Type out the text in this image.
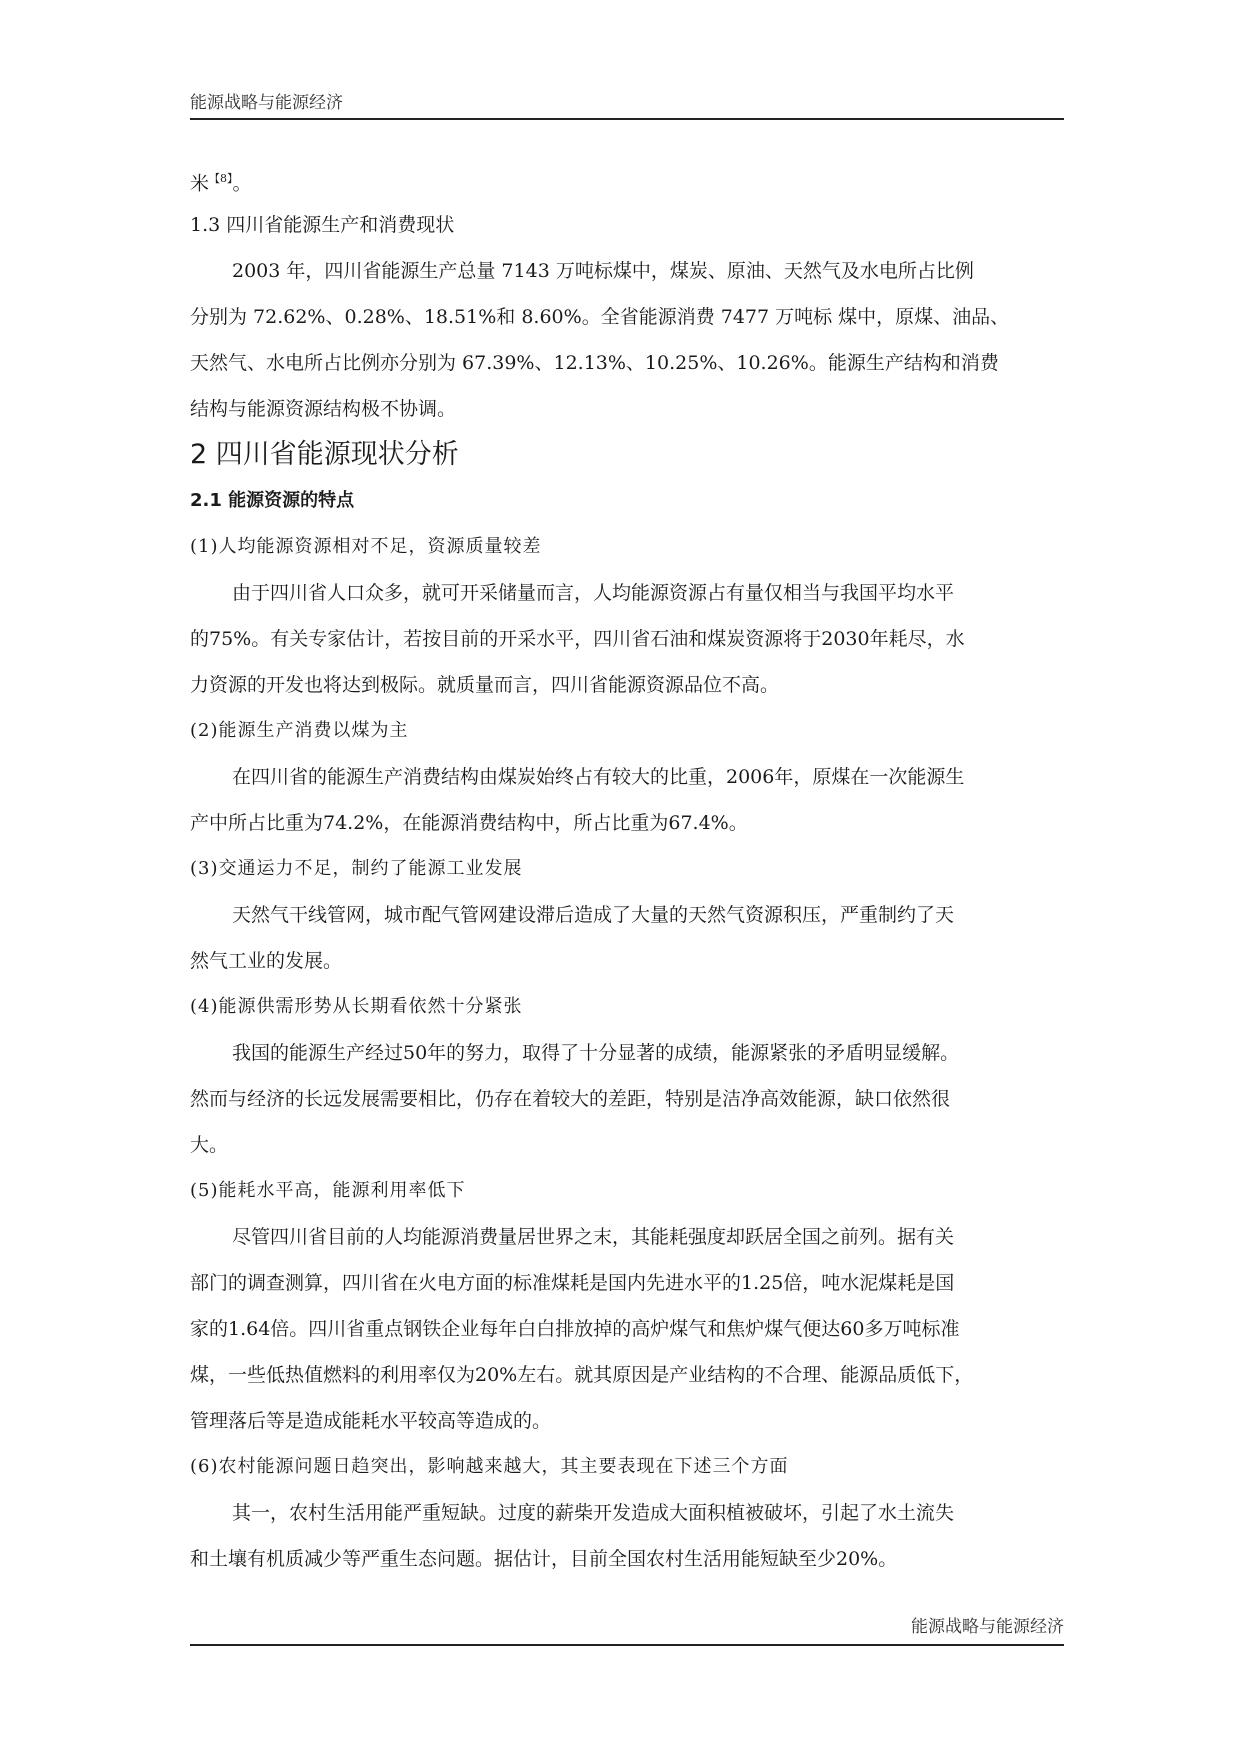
能源战略与能源经济
米$^{【8】}$。
1.3 四川省能源生产和消费现状
2003 年，四川省能源生产总量 7143 万吨标煤中，煤炭、原油、天然气及水电所占比例
分别为 72.62%、0.28%、18.51%和 8.60%。全省能源消费 7477 万吨标 煤中，原煤、油品、
天然气、水电所占比例亦分别为 67.39%、12.13%、10.25%、10.26%。能源生产结构和消费
结构与能源资源结构极不协调。
2 四川省能源现状分析
2.1 能源资源的特点
(1)人均能源资源相对不足，资源质量较差
由于四川省人口众多，就可开采储量而言，人均能源资源占有量仅相当与我国平均水平
的75%。有关专家估计，若按目前的开采水平，四川省石油和煤炭资源将于2030年耗尽，水
力资源的开发也将达到极际。就质量而言，四川省能源资源品位不高。
(2)能源生产消费以煤为主
在四川省的能源生产消费结构由煤炭始终占有较大的比重，2006年，原煤在一次能源生
产中所占比重为74.2%，在能源消费结构中，所占比重为67.4%。
(3)交通运力不足，制约了能源工业发展
天然气干线管网，城市配气管网建设滞后造成了大量的天然气资源积压，严重制约了天
然气工业的发展。
(4)能源供需形势从长期看依然十分紧张
我国的能源生产经过50年的努力，取得了十分显著的成绩，能源紧张的矛盾明显缓解。
然而与经济的长远发展需要相比，仍存在着较大的差距，特别是洁净高效能源，缺口依然很
大。
(5)能耗水平高，能源利用率低下
尽管四川省目前的人均能源消费量居世界之末，其能耗强度却跃居全国之前列。据有关
部门的调查测算，四川省在火电方面的标准煤耗是国内先进水平的1.25倍，吨水泥煤耗是国
家的1.64倍。四川省重点钢铁企业每年白白排放掉的高炉煤气和焦炉煤气便达60多万吨标准
煤，一些低热值燃料的利用率仅为20%左右。就其原因是产业结构的不合理、能源品质低下，
管理落后等是造成能耗水平较高等造成的。
(6)农村能源问题日趋突出，影响越来越大，其主要表现在下述三个方面
其一，农村生活用能严重短缺。过度的薪柴开发造成大面积植被破坏，引起了水土流失
和土壤有机质减少等严重生态问题。据估计，目前全国农村生活用能短缺至少20%。
能源战略与能源经济
